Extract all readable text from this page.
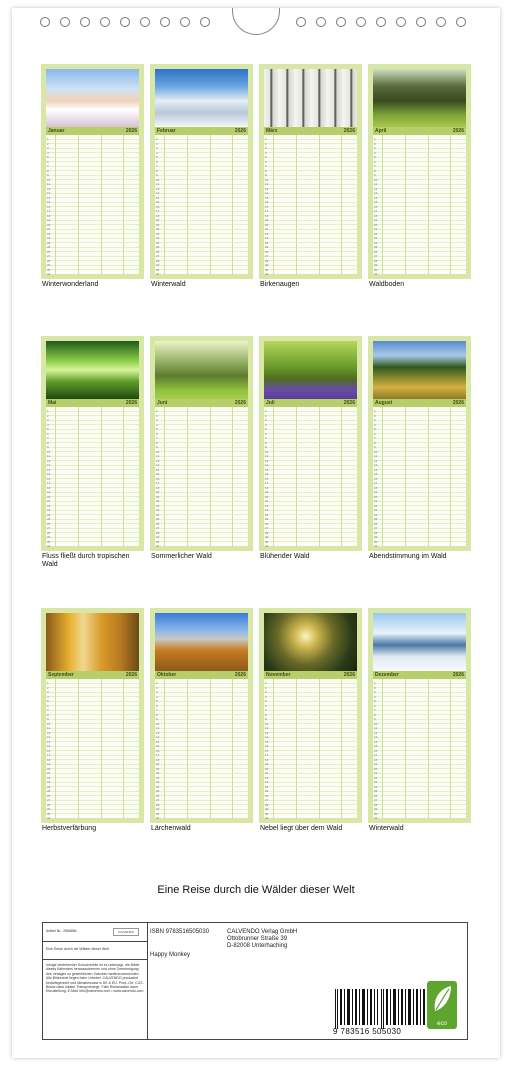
Januar	2026
1
2
3
4
5
6
7
8
9
10
11
12
13
14
15
16
17
18
19
20
21
22
23
24
25
26
27
28
29
30
31
Winterwonderland
Februar	2026
1
2
3
4
5
6
7
8
9
10
11
12
13
14
15
16
17
18
19
20
21
22
23
24
25
26
27
28
29
30
31
Winterwald
März	2026
1
2
3
4
5
6
7
8
9
10
11
12
13
14
15
16
17
18
19
20
21
22
23
24
25
26
27
28
29
30
31
Birkenaugen
April	2026
1
2
3
4
5
6
7
8
9
10
11
12
13
14
15
16
17
18
19
20
21
22
23
24
25
26
27
28
29
30
31
Waldboden
Mai	2026
1
2
3
4
5
6
7
8
9
10
11
12
13
14
15
16
17
18
19
20
21
22
23
24
25
26
27
28
29
30
31
Fluss fließt durch tropischen Wald
Juni	2026
1
2
3
4
5
6
7
8
9
10
11
12
13
14
15
16
17
18
19
20
21
22
23
24
25
26
27
28
29
30
31
Sommerlicher Wald
Juli	2026
1
2
3
4
5
6
7
8
9
10
11
12
13
14
15
16
17
18
19
20
21
22
23
24
25
26
27
28
29
30
31
Blühender Wald
August	2026
1
2
3
4
5
6
7
8
9
10
11
12
13
14
15
16
17
18
19
20
21
22
23
24
25
26
27
28
29
30
31
Abendstimmung im Wald
September	2026
1
2
3
4
5
6
7
8
9
10
11
12
13
14
15
16
17
18
19
20
21
22
23
24
25
26
27
28
29
30
31
Herbstverfärbung
Oktober	2026
1
2
3
4
5
6
7
8
9
10
11
12
13
14
15
16
17
18
19
20
21
22
23
24
25
26
27
28
29
30
31
Lärchenwald
November	2026
1
2
3
4
5
6
7
8
9
10
11
12
13
14
15
16
17
18
19
20
21
22
23
24
25
26
27
28
29
30
31
Nebel liegt über dem Wald
Dezember	2026
1
2
3
4
5
6
7
8
9
10
11
12
13
14
15
16
17
18
19
20
21
22
23
24
25
26
27
28
29
30
31
Winterwald
Eine Reise durch die Wälder dieser Welt
Artikel Nr.: 2566882	CALVENDO
Eine Reise durch die Wälder dieser Welt
Infolge bestehender Schutzrechte ist es untersagt, die Bilder dieses Kalenders herauszutrennen und ohne Genehmigung des Verlages zu gewerblichen Zwecken weiterzuverwenden. Alle Bildrechte liegen beim Urheber. CALVENDO produziert bedarfsgerecht und klimabewusst in DE & EU. Prod.-Ort: CO2-Bilanz dank lokaler Transportwege. Falls Reklamation dann Eilzustellung: E-Mail: info@calvendo.com • www.calvendo.com
ISBN 9783516505030	CALVENDO Verlag GmbH
Ottobrunner Straße 39
D-82008 Unterhaching
Happy Monkey
9 783516 505030
eco
